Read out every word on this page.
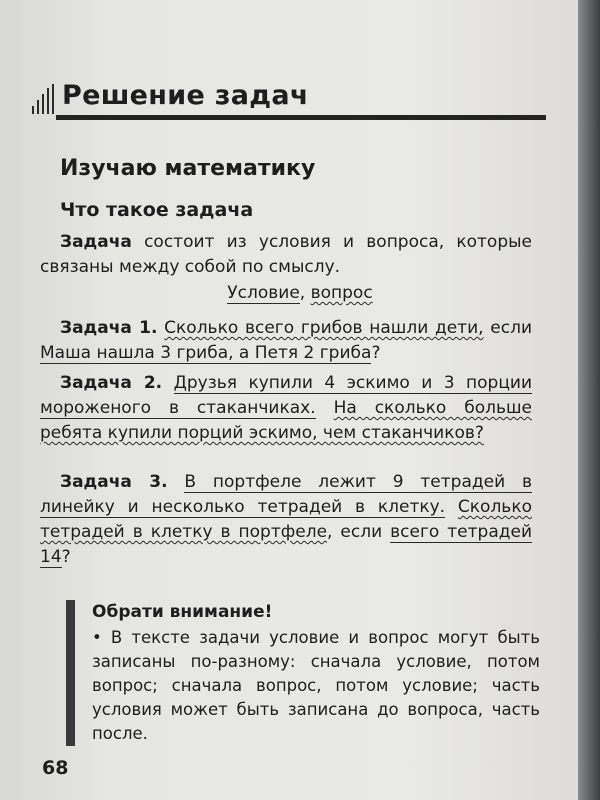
Решение задач
Изучаю математику
Что такое задача
Задача состоит из условия и вопроса, которые связаны между собой по смыслу.
Условие, вопрос
Задача 1. Сколько всего грибов нашли дети, если Маша нашла 3 гриба, а Петя 2 гриба?
Задача 2. Друзья купили 4 эскимо и 3 порции мороженого в стаканчиках. На сколько больше ребята купили порций эскимо, чем стаканчиков?
Задача 3. В портфеле лежит 9 тетрадей в линейку и несколько тетрадей в клетку. Сколько тетрадей в клетку в портфеле, если всего тетрадей 14?
Обрати внимание!
• В тексте задачи условие и вопрос могут быть записаны по-разному: сначала условие, потом вопрос; сначала вопрос, потом условие; часть условия может быть записана до вопроса, часть после.
68
